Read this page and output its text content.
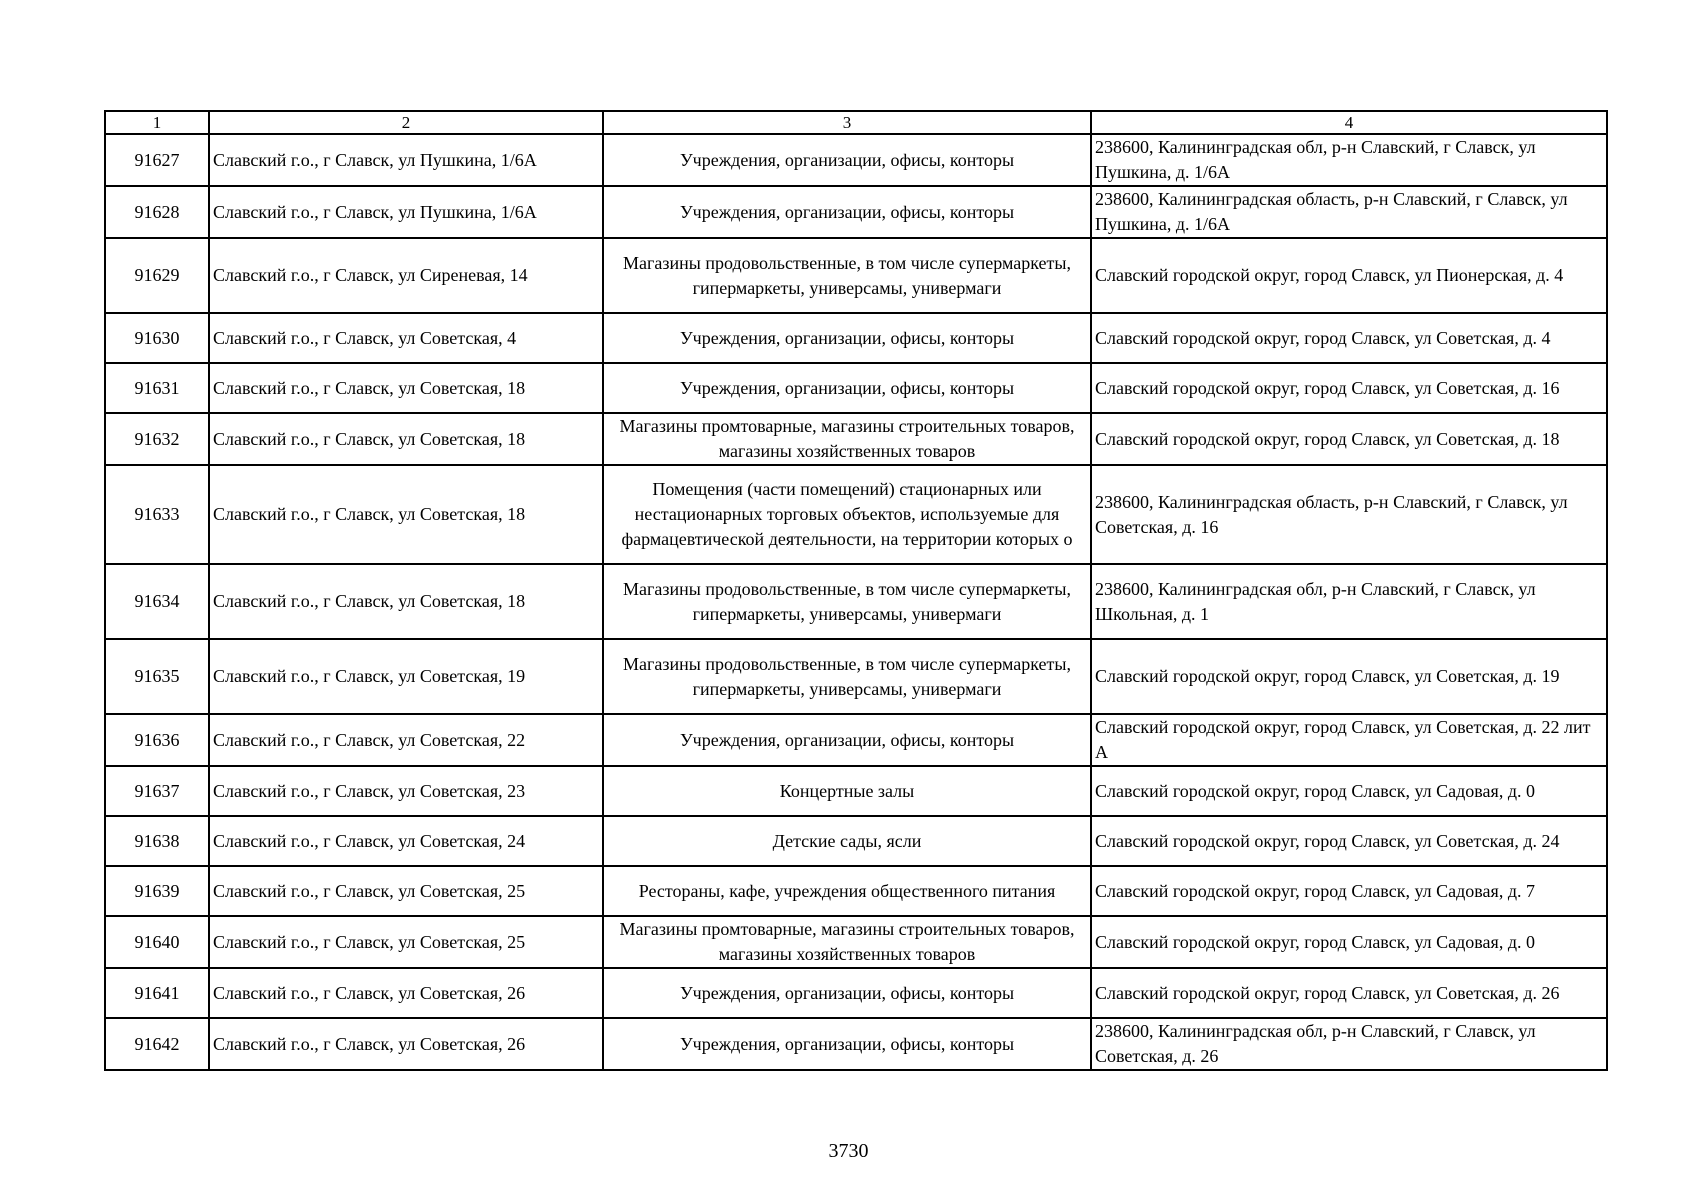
1	2	3	4
91627	Славский г.о., г Славск, ул Пушкина, 1/6А	Учреждения, организации, офисы, конторы	238600, Калининградская обл, р-н Славский, г Славск, ул Пушкина, д. 1/6А
91628	Славский г.о., г Славск, ул Пушкина, 1/6А	Учреждения, организации, офисы, конторы	238600, Калининградская область, р-н Славский, г Славск, ул Пушкина, д. 1/6А
91629	Славский г.о., г Славск, ул Сиреневая, 14	Магазины продовольственные, в том числе супермаркеты, гипермаркеты, универсамы, универмаги	Славский городской округ, город Славск, ул Пионерская, д. 4
91630	Славский г.о., г Славск, ул Советская, 4	Учреждения, организации, офисы, конторы	Славский городской округ, город Славск, ул Советская, д. 4
91631	Славский г.о., г Славск, ул Советская, 18	Учреждения, организации, офисы, конторы	Славский городской округ, город Славск, ул Советская, д. 16
91632	Славский г.о., г Славск, ул Советская, 18	Магазины промтоварные, магазины строительных товаров, магазины хозяйственных товаров	Славский городской округ, город Славск, ул Советская, д. 18
91633	Славский г.о., г Славск, ул Советская, 18	Помещения (части помещений) стационарных или нестационарных торговых объектов, используемые для фармацевтической деятельности, на территории которых о	238600, Калининградская область, р-н Славский, г Славск, ул Советская, д. 16
91634	Славский г.о., г Славск, ул Советская, 18	Магазины продовольственные, в том числе супермаркеты, гипермаркеты, универсамы, универмаги	238600, Калининградская обл, р-н Славский, г Славск, ул Школьная, д. 1
91635	Славский г.о., г Славск, ул Советская, 19	Магазины продовольственные, в том числе супермаркеты, гипермаркеты, универсамы, универмаги	Славский городской округ, город Славск, ул Советская, д. 19
91636	Славский г.о., г Славск, ул Советская, 22	Учреждения, организации, офисы, конторы	Славский городской округ, город Славск, ул Советская, д. 22 лит А
91637	Славский г.о., г Славск, ул Советская, 23	Концертные залы	Славский городской округ, город Славск, ул Садовая, д. 0
91638	Славский г.о., г Славск, ул Советская, 24	Детские сады, ясли	Славский городской округ, город Славск, ул Советская, д. 24
91639	Славский г.о., г Славск, ул Советская, 25	Рестораны, кафе, учреждения общественного питания	Славский городской округ, город Славск, ул Садовая, д. 7
91640	Славский г.о., г Славск, ул Советская, 25	Магазины промтоварные, магазины строительных товаров, магазины хозяйственных товаров	Славский городской округ, город Славск, ул Садовая, д. 0
91641	Славский г.о., г Славск, ул Советская, 26	Учреждения, организации, офисы, конторы	Славский городской округ, город Славск, ул Советская, д. 26
91642	Славский г.о., г Славск, ул Советская, 26	Учреждения, организации, офисы, конторы	238600, Калининградская обл, р-н Славский, г Славск, ул Советская, д. 26
3730
